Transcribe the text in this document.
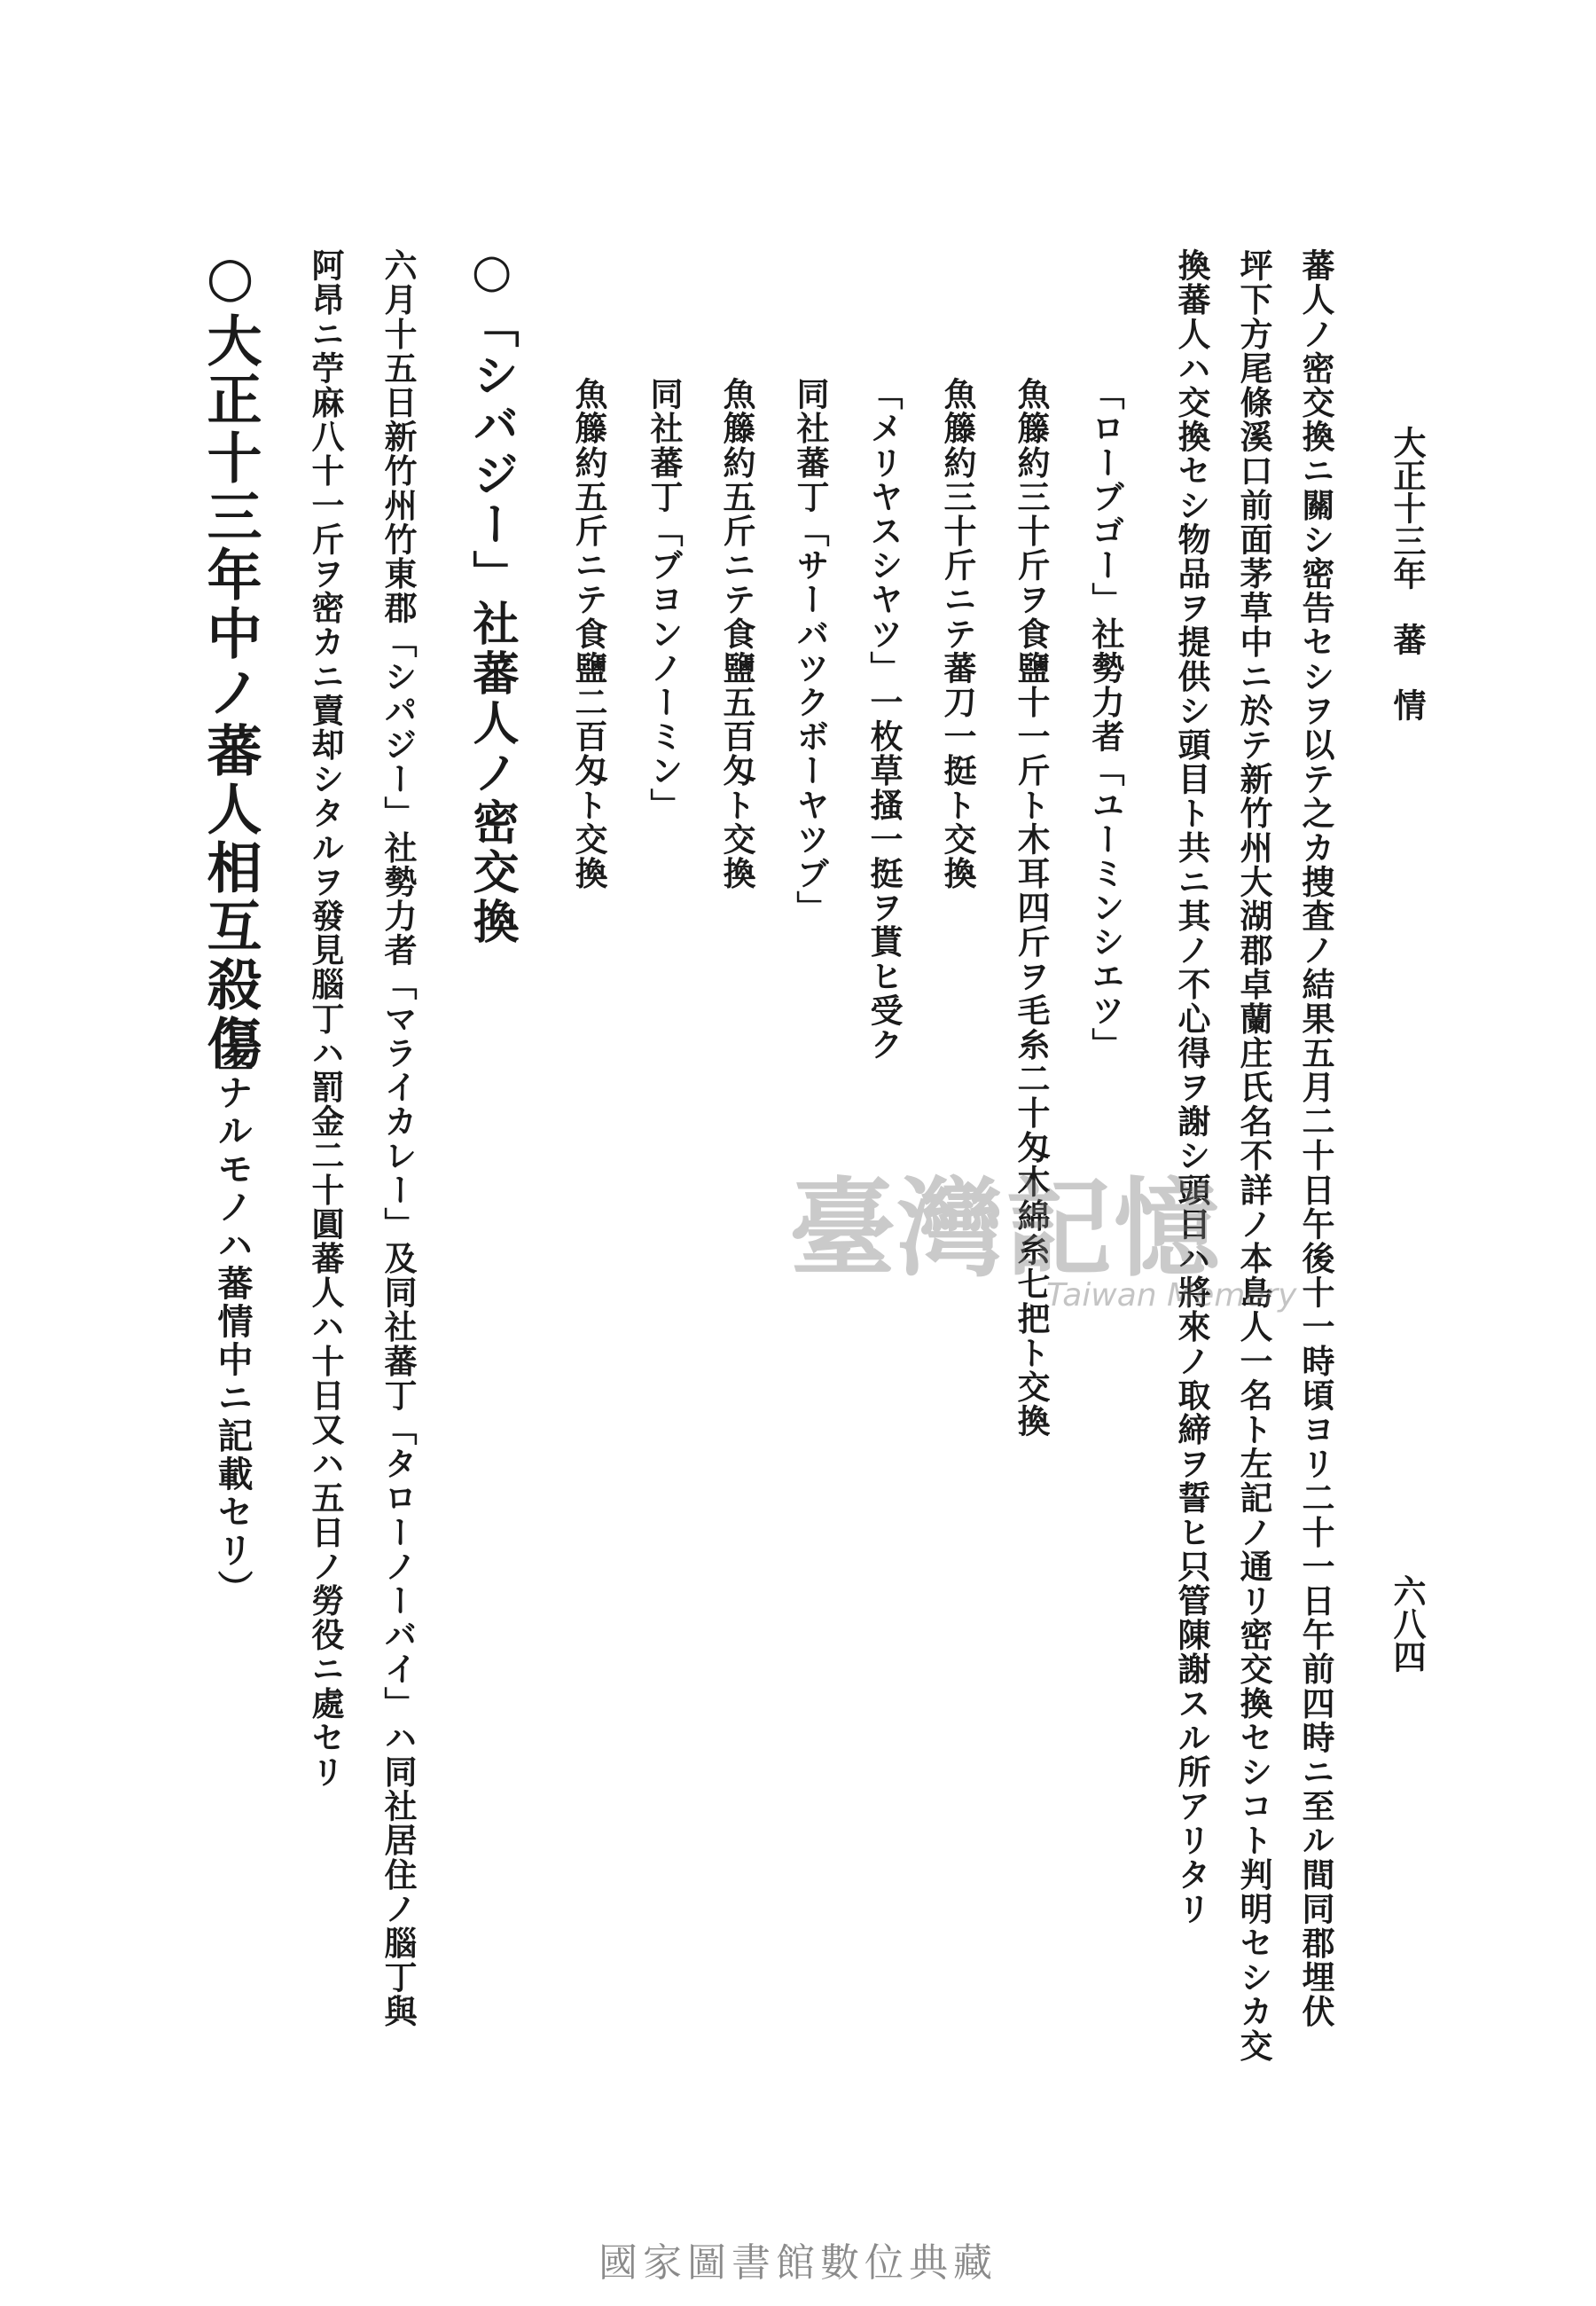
大正十三年　蕃　情
六八四
蕃人ノ密交換ニ關シ密告セシヲ以テ之カ捜査ノ結果五月二十日午後十一時頃ヨリ二十一日午前四時ニ至ル間同郡埋伏
坪下方尾條溪口前面茅草中ニ於テ新竹州大湖郡卓蘭庄氏名不詳ノ本島人一名ト左記ノ通リ密交換セシコト判明セシカ交
換蕃人ハ交換セシ物品ヲ提供シ頭目ト共ニ其ノ不心得ヲ謝シ頭目ハ將來ノ取締ヲ誓ヒ只管陳謝スル所アリタリ
「ローブゴー」社勢力者「ユーミンシエツ」
魚籐約三十斤ヲ食鹽十一斤ト木耳四斤ヲ毛糸二十匁木綿糸七把ト交換
魚籐約三十斤ニテ蕃刀一挺ト交換
「メリヤスシヤツ」一枚草搔一挺ヲ貰ヒ受ク
同社蕃丁「サーバツクボーヤツブ」
魚籐約五斤ニテ食鹽五百匁ト交換
同社蕃丁「ブヨンノーミン」
魚籐約五斤ニテ食鹽二百匁ト交換
○「シバジー」社蕃人ノ密交換
六月十五日新竹州竹東郡「シパジー」社勢力者「マライカレー」及同社蕃丁「タローノーバイ」ハ同社居住ノ腦丁與
阿昂ニ苧麻八十一斤ヲ密カニ賣却シタルヲ發見腦丁ハ罰金二十圓蕃人ハ十日又ハ五日ノ勞役ニ處セリ
○大正十三年中ノ蕃人相互殺傷
（主ナルモノハ蕃情中ニ記載セリ）	臺灣記憶
Taiwan Memory
國家圖書館數位典藏
